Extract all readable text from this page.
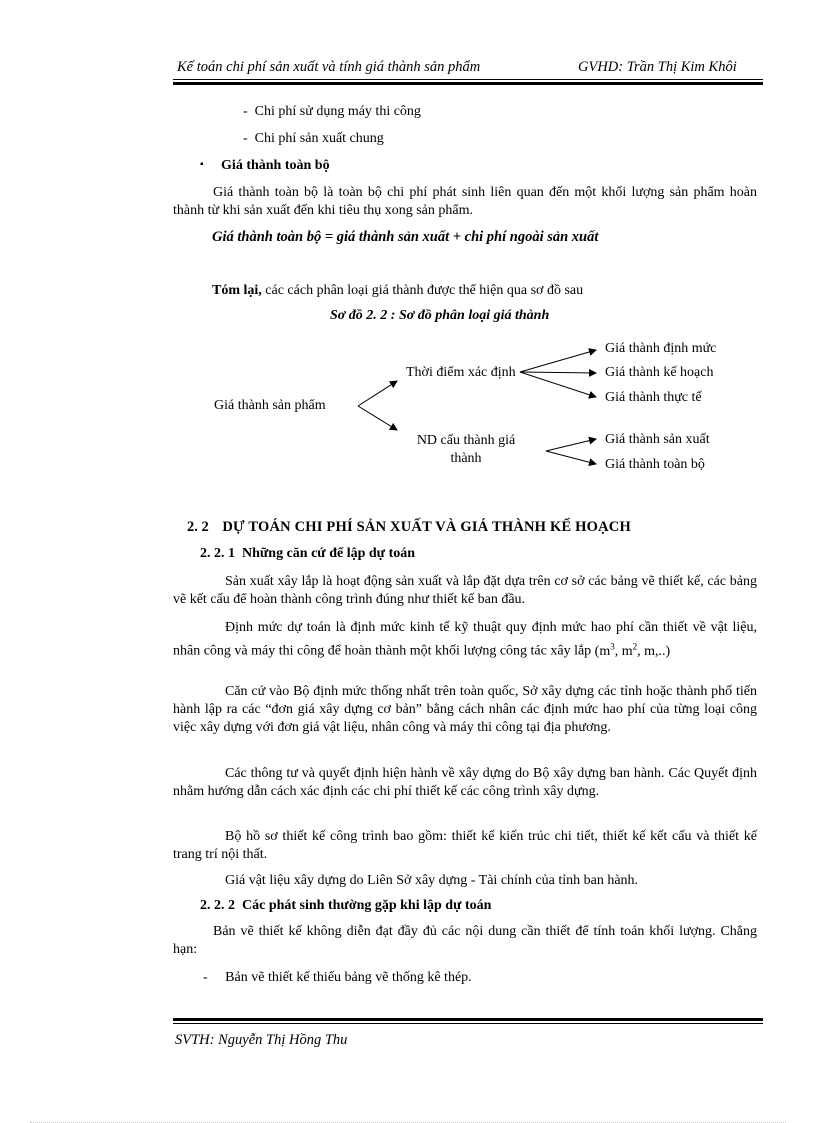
Kế toán chi phí sản xuất và tính giá thành sản phẩm	GVHD: Trần Thị Kim Khôi
- Chi phí sử dụng máy thi công
- Chi phí sản xuất chung
▪ Giá thành toàn bộ
Giá thành toàn bộ là toàn bộ chi phí phát sinh liên quan đến một khối lượng sản phẩm hoàn thành từ khi sản xuất đến khi tiêu thụ xong sản phẩm.
Giá thành toàn bộ = giá thành sản xuất + chi phí ngoài sản xuất
Tóm lại, các cách phân loại giá thành được thể hiện qua sơ đồ sau
Sơ đồ 2. 2 : Sơ đồ phân loại giá thành
Giá thành sản phẩm
Thời điểm xác định
ND cấu thành giá
thành
Giá thành định mức
Giá thành kế hoạch
Giá thành thực tế
Giá thành sản xuất
Giá thành toàn bộ
2. 2 DỰ TOÁN CHI PHÍ SẢN XUẤT VÀ GIÁ THÀNH KẾ HOẠCH
2. 2. 1 Những căn cứ để lập dự toán
Sản xuất xây lắp là hoạt động sản xuất và lắp đặt dựa trên cơ sở các bảng vẽ thiết kế, các bảng vẽ kết cấu để hoàn thành công trình đúng như thiết kế ban đầu.
Định mức dự toán là định mức kinh tế kỹ thuật quy định mức hao phí cần thiết về vật liệu, nhân công và máy thi công để hoàn thành một khối lượng công tác xây lắp ($m^3$, $m^2$, m,..)
Căn cứ vào Bộ định mức thống nhất trên toàn quốc, Sở xây dựng các tỉnh hoặc thành phố tiến hành lập ra các “đơn giá xây dựng cơ bản” bằng cách nhân các định mức hao phí của từng loại công việc xây dựng với đơn giá vật liệu, nhân công và máy thi công tại địa phương.
Các thông tư và quyết định hiện hành về xây dựng do Bộ xây dựng ban hành. Các Quyết định nhằm hướng dẫn cách xác định các chi phí thiết kế các công trình xây dựng.
Bộ hồ sơ thiết kế công trình bao gồm: thiết kế kiến trúc chi tiết, thiết kế kết cấu và thiết kế trang trí nội thất.
Giá vật liệu xây dựng do Liên Sở xây dựng - Tài chính của tỉnh ban hành.
2. 2. 2 Các phát sinh thường gặp khi lập dự toán
Bản vẽ thiết kế không diễn đạt đầy đủ các nội dung cần thiết để tính toán khối lượng. Chẳng hạn:
- Bản vẽ thiết kế thiếu bảng vẽ thống kê thép.
SVTH: Nguyễn Thị Hồng Thu
